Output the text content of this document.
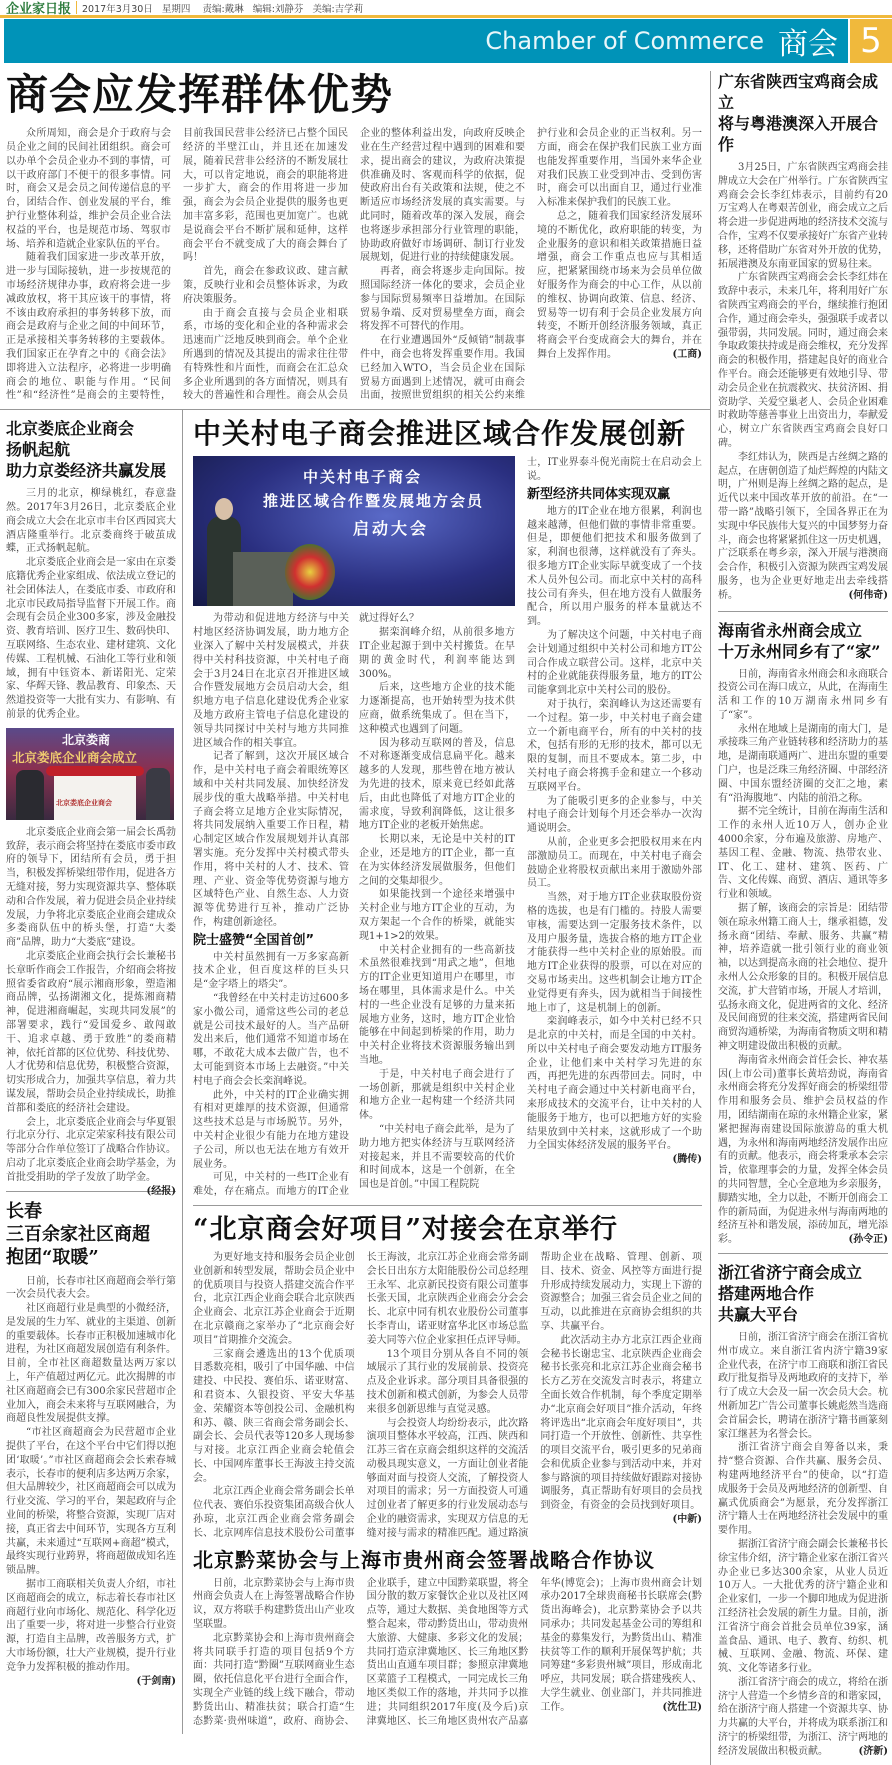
企业家日报 2017年3月30日   星期四    责编:戴琳   编辑:刘静芬   美编:吉学莉
Chamber of Commerce 商会 5
商会应发挥群体优势

众所周知，商会是介于政府与会员企业之间的民间社团组织。商会可以办单个会员企业办不到的事情，可以干政府部门不便干的很多事情。同时，商会又是会员之间传递信息的平台，团结合作、创业发展的平台，维护行业整体利益，维护会员企业合法权益的平台，也是规范市场、驾驭市场、培养和造就企业家队伍的平台。

随着我们国家进一步改革开放，进一步与国际接轨，进一步按规范的市场经济规律办事，政府将会进一步减政放权，将干其应该干的事情，将不该由政府承担的事务转移下放，而商会是政府与企业之间的中间环节，正是承接相关事务转移的主要载体。我们国家正在孕育之中的《商会法》即将进入立法程序，必将进一步明确商会的地位、职能与作用。“民间性”和“经济性”是商会的主要特性，目前我国民营非公经济已占整个国民经济的半壁江山，并且还在加速发展，随着民营非公经济的不断发展壮大，可以肯定地说，商会的职能将进一步扩大，商会的作用将进一步加强，商会为会员企业提供的服务也更加丰富多彩，范围也更加宽广。也就是说商会平台不断扩展和延伸，这样商会平台不就变成了大的商会舞台了吗！

首先，商会在参政议政、建言献策，反映行业和会员整体诉求，为政府决策服务。

由于商会直接与会员企业相联系，市场的变化和企业的各种需求会迅速而广泛地反映到商会。单个企业所遇到的情况及其提出的需求往往带有特殊性和片面性，而商会在汇总众多企业所遇到的各方面情况，则具有较大的普遍性和合理性。商会从会员企业的整体利益出发，向政府反映企业在生产经营过程中遇到的困难和要求，提出商会的建议，为政府决策提供准确及时、客观而科学的依据，促使政府出台有关政策和法规，使之不断适应市场经济发展的真实需要。与此同时，随着改革的深入发展，商会也将逐步承担部分行业管理的职能，协助政府做好市场调研、制订行业发展规划，促进行业的持续健康发展。

再者，商会将逐步走向国际。按照国际经济一体化的要求，会员企业参与国际贸易频率日益增加。在国际贸易争端、反对贸易壁垒方面，商会将发挥不可替代的作用。

在行业遭遇国外“反倾销”制裁事件中，商会也将发挥重要作用。我国已经加入WTO，当会员企业在国际贸易方面遇到上述情况，就可由商会出面，按照世贸组织的相关公约来维护行业和会员企业的正当权利。另一方面，商会在保护我们民族工业方面也能发挥重要作用，当国外来华企业对我们民族工业受到冲击、受到伤害时，商会可以出面自卫，通过行业准入标准来保护我们的民族工业。

总之，随着我们国家经济发展环境的不断优化，政府职能的转变，为企业服务的意识和相关政策措施日益增强，商会工作重点也应与其相适应，把紧紧围绕市场来为会员单位做好服务作为商会的中心工作，从以前的维权、协调向政策、信息、经济、贸易等一切有利于会员企业发展方向转变，不断开创经济服务领域，真正将商会平台变成商会大的舞台，并在舞台上发挥作用。	(工商)

北京娄底企业商会
扬帆起航
助力京娄经济共赢发展

三月的北京，柳绿桃红，春意盎然。2017年3月26日，北京娄底企业商会成立大会在北京市丰台区西园宾大酒店隆重举行。北京娄商终于破茧成蝶，正式扬帆起航。

北京娄底企业商会是一家由在京娄底籍优秀企业家组成、依法成立登记的社会团体法人，在娄底市委、市政府和北京市民政局指导监督下开展工作。商会现有会员企业300多家，涉及金融投资、教育培训、医疗卫生、数码快印、互联网络、生态农业、建材建筑、文化传媒、工程机械、石油化工等行业和领域，拥有中钰资本、新诺阳光、定荣家、华辉天锋、教品教育、印象杰、天然道投资等一大批有实力、有影响、有前景的优秀企业。

北京娄商
北京娄底企业商会成立
北京娄底企业商会

北京娄底企业商会第一届会长禹勃致辞，表示商会将坚持在娄底市委市政府的领导下，团结所有会员，勇于担当，积极发挥桥梁纽带作用，促进各方无缝对接，努力实现资源共享、整体联动和合作发展，着力促进会员企业持续发展，力争将北京娄底企业商会建成众多娄商队伍中的桥头堡，打造“大娄商”品牌，助力“大娄底”建设。

北京娄底企业商会执行会长兼秘书长章昕作商会工作报告，介绍商会将按照省委省政府“展示湘商形象，塑造湘商品牌，弘扬湖湘文化，提炼湘商精神，促进湘商崛起，实现共同发展”的部署要求，践行“爱国爱乡、敢闯敢干、追求卓越、勇于致胜”的娄商精神，依托首都的区位优势、科技优势、人才优势和信息优势，积极整合资源，切实形成合力，加强共享信息，着力共谋发展，帮助会员企业持续成长，助推首都和娄底的经济社会建设。

会上，北京娄底企业商会与华夏银行北京分行、北京定荣家科技有限公司等部分合作单位签订了战略合作协议。启动了北京娄底企业商会助学基金，为首批受捐助的学子发放了助学金。
(经报)

长春
三百余家社区商超
抱团“取暖”

日前，长春市社区商超商会举行第一次会员代表大会。

社区商超行业是典型的小微经济，是发展的生力军、就业的主渠道、创新的重要载体。长春市正积极加速城市化进程，为社区商超发展创造有利条件。目前，全市社区商超数量达两万家以上，年产值超过两亿元。此次揭牌的市社区商超商会已有300余家民营超市企业加入，商会未来将与互联网融合，为商超良性发展提供支撑。

“市社区商超商会为民营超市企业提供了平台，在这个平台中它们得以抱团‘取暖’。”市社区商超商会会长索春城表示，长春市的便利店多达两万余家，但大品牌较少，社区商超商会可以成为行业交流、学习的平台，架起政府与企业间的桥梁，将整合资源，实现厂店对接，真正省去中间环节，实现各方互利共赢，未来通过“互联网+商超”模式，最终实现行业跨界，将商超做成知名连锁品牌。

据市工商联相关负责人介绍，市社区商超商会的成立，标志着长春市社区商超行业向市场化、规范化、科学化迈出了重要一步，将对进一步整合行业资源，打造自主品牌，改善服务方式，扩大市场份额，壮大产业规模，提升行业竞争力发挥积极的推动作用。
(于剑南)

中关村电子商会推进区域合作发展创新
中关村电子商会
推进区域合作暨发展地方会员
启动大会

为带动和促进地方经济与中关村地区经济协调发展，助力地方企业深入了解中关村发展模式，并获得中关村科技资源，中关村电子商会于3月24日在北京召开推进区域合作暨发展地方会员启动大会，组织地方电子信息化建设优秀企业家及地方政府主管电子信息化建设的领导共同探讨中关村与地方共同推进区域合作的相关事宜。

记者了解到，这次开展区域合作，是中关村电子商会着眼统筹区域和中关村共同发展、加快经济发展步伐的重大战略举措。中关村电子商会将立足地方企业实际情况，将共同发展纳入重要工作日程，精心制定区域合作发展规划并认真部署实施。充分发挥中关村模式带头作用，将中关村的人才、技术、管理、产业、资金等优势资源与地方区域特色产业、自然生态、人力资源等优势进行互补，推动广泛协作，构建创新途径。

院士盛赞“全国首创”

中关村虽然拥有一万多家高新技术企业，但百度这样的巨头只是“金字塔上的塔尖”。

“我曾经在中关村走访过600多家小微公司，通常这些公司的老总就是公司技术最好的人。当产品研发出来后，他们通常不知道市场在哪，不敢花大成本去做广告，也不太可能到资本市场上去融资。”中关村电子商会会长栾润峰说。

此外，中关村的IT企业确实拥有相对更雄厚的技术资源，但通常这些技术总是与市场脱节。另外，中关村企业很少有能力在地方建设子公司，所以也无法在地方有效开展业务。

可见，中关村的一些IT企业有难处，存在痛点。而地方的IT企业就过得好么？

据栾润峰介绍，从前很多地方IT企业起源于到中关村搬货。在早期的黄金时代，利润率能达到300%。

后来，这些地方企业的技术能力逐渐提高，也开始转型为技术供应商，做系统集成了。但在当下，这种模式也遇到了问题。

因为移动互联网的普及，信息不对称逐渐变成信息扁平化。越来越多的人发现，那些曾在地方被认为先进的技术，原来竟已经如此落后，由此也降低了对地方IT企业的需求度，导致利润降低，这让很多地方IT企业的老板开始焦虑。

长期以来，无论是中关村的IT企业，还是地方的IT企业，都一直在为实体经济发展做服务，但他们之间的交集却很少。

如果能找到一个途径来增强中关村企业与地方IT企业的互动，为双方架起一个合作的桥梁，就能实现1+1>2的效果。

中关村企业拥有的一些高新技术虽然很难找到“用武之地”，但地方的IT企业更知道用户在哪里，市场在哪里，具体需求是什么。中关村的一些企业没有足够的力量来拓展地方业务，这时，地方IT企业恰能够在中间起到桥梁的作用，助力中关村企业将技术资源服务输出到当地。

于是，中关村电子商会进行了一场创新，那就是组织中关村企业和地方企业一起构建一个经济共同体。

“中关村电子商会此举，是为了助力地方把实体经济与互联网经济对接起来，并且不需要较高的代价和时间成本，这是一个创新，在全国也是首创。”中国工程院院

士，IT业界泰斗倪光南院士在启动会上说。

新型经济共同体实现双赢

地方的IT企业在地方很累，利润也越来越薄，但他们做的事情非常重要。但是，即便他们把技术和服务做到了家，利润也很薄，这样就没有了奔头。很多地方IT企业实际早就变成了一个技术人员外包公司。而北京中关村的高科技公司有奔头，但在地方没有人做服务配合，所以用户服务的样本量就达不到。

为了解决这个问题，中关村电子商会计划通过组织中关村公司和地方IT公司合作成立联营公司。这样，北京中关村的企业就能获得服务量，地方的IT公司能拿到北京中关村公司的股份。

对于执行，栾润峰认为这还需要有一个过程。第一步，中关村电子商会建立一个新电商平台，所有的中关村的技术，包括有形的无形的技术，都可以无限的复制，而且不要成本。第二步，中关村电子商会将携手金和建立一个移动互联网平台。

为了能吸引更多的企业参与，中关村电子商会计划每个月还会举办一次沟通说明会。

从前，企业更多会把股权用来在内部激励员工。而现在，中关村电子商会鼓励企业将股权贡献出来用于激励外部员工。

当然，对于地方IT企业获取股份资格的选拔，也是有门槛的。持股人需要审核，需要达到一定服务技术条件，以及用户服务量，选拔合格的地方IT企业才能获得一些中关村企业的原始股。而地方IT企业获得的股票，可以在对应的交易市场卖出。这些机制会让地方IT企业觉得更有奔头，因为就相当于间接性地上市了，这是机制上的创新。

栾润峰表示，如今中关村已经不只是北京的中关村，而是全国的中关村。所以中关村电子商会要发动地方IT服务企业，让他们来中关村学习先进的东西，再把先进的东西带回去。同时，中关村电子商会通过中关村新电商平台，来形成技术的交流平台，让中关村的人能服务于地方，也可以把地方好的实验结果放到中关村来，这就形成了一个助力全国实体经济发展的服务平台。
(腾传)

“北京商会好项目”对接会在京举行

为更好地支持和服务会员企业创业创新和转型发展，帮助会员企业中的优质项目与投资人搭建交流合作平台，北京江西企业商会联合北京陕西企业商会、北京江苏企业商会于近期在北京赣商之家举办了“北京商会好项目”首期推介交流会。

三家商会遴选出的13个优质项目悉数亮相，吸引了中国华融、中信建投、中民投、赛伯乐、诺亚财富、和君资本、久银投资、平安大华基金、荣耀资本等创投公司、金融机构和苏、赣、陕三省商会常务副会长、副会长、会员代表等120多人现场参与对接。北京江西企业商会轮值会长、中国网库董事长王海波主持交流会。

北京江西企业商会常务副会长单位代表、赛伯乐投资集团高级合伙人孙琼，北京江西企业商会常务副会长、北京网库信息技术股份公司董事长王海波，北京江苏企业商会常务副会长日出东方太阳能股份公司总经理王永军、北京新民投资有限公司董事长张天国，北京陕西企业商会分会会长、北京中同有机农业股份公司董事长李青山，诺亚财富华北区市场总监姜大同等六位企业家担任点评导师。

13个项目分别从各自不同的领域展示了其行业的发展前景、投资亮点及企业诉求。部分项目具备很强的技术创新和模式创新，为参会人员带来很多创新思维与直觉灵感。

与会投资人均纷纷表示，此次路演项目整体水平较高，江西、陕西和江苏三省在京商会组织这样的交流活动极具现实意义，一方面让创业者能够面对面与投资人交流，了解投资人对项目的需求；另一方面投资人可通过创业者了解更多的行业发展动态与企业的融资需求，实现双方信息的无缝对接与需求的精准匹配。通过路演帮助企业在战略、管理、创新、项目、技术、资金、风控等方面进行提升形成持续发展动力，实现上下游的资源整合；加强三省会员企业之间的互动，以此推进在京商协会组织的共享、共赢平台。

此次活动主办方北京江西企业商会秘书长谢忠宝、北京陕西企业商会秘书长张亮和北京江苏企业商会秘书长方乙芳在交流发言时表示，将建立全面长效合作机制，每个季度定期举办“北京商会好项目”推介活动，年终将评选出“北京商会年度好项目”，共同打造一个开放性、创新性、共享性的项目交流平台，吸引更多的兄弟商会和优质企业参与到活动中来，并对参与路演的项目持续做好跟踪对接协调服务，真正帮助有好项目的会员找到资金，有资金的会员找到好项目。
(中新)

北京黔菜协会与上海市贵州商会签署战略合作协议

日前，北京黔菜协会与上海市贵州商会负责人在上海签署战略合作协议，双方将联手构建黔货出山产业攻坚联盟。

北京黔菜协会和上海市贵州商会将共同联手打造的项目包括9个方面：共同打造“黔圈”互联网商业生态圈，依托信息化平台进行全面合作，实现全产业链的线上线下融合，带动黔货出山、精准扶贫；联合打造“生态黔菜·贵州味道”，政府、商协会、企业联手，建立中国黔菜联盟，将全国分散的数万家餐饮企业以及社区网点等，通过大数据、美食地图等方式整合起来，带动黔货出山，带动贵州大旅游、大健康、多彩文化的发展；共同打造京津冀地区、长三角地区黔货出山直通车项目群；参照京津冀地区菜篮子工程模式，一同完成长三角地区类似工作的落地，并共同予以推进；共同组织2017年度(及今后)京津冀地区、长三角地区贵州农产品嘉年华(博览会)；上海市贵州商会计划承办2017全球贵商秘书长联席会(黔货出海峰会)，北京黔菜协会予以共同承办；共同发起基金公司的筹组和基金的募集发行，为黔货出山、精准扶贫等工作的顺利开展保驾护航；共同筹建“多彩贵州城”项目，形成南北呼应，共同发展；联合搭建残疾人、大学生就业、创业部门，并共同推进工作。	(沈仕卫)

广东省陕西宝鸡商会成立
将与粤港澳深入开展合作

3月25日，广东省陕西宝鸡商会挂牌成立大会在广州举行。广东省陕西宝鸡商会会长李红炜表示，目前约有20万宝鸡人在粤艰苦创业，商会成立之后将会进一步促进两地的经济技术交流与合作，宝鸡不仅要承接好广东省产业转移，还将借助广东省对外开放的优势，拓展港澳及东南亚国家的贸易往来。

广东省陕西宝鸡商会会长李红炜在致辞中表示，未来几年，将利用好广东省陕西宝鸡商会的平台，继续推行抱团合作，通过商会牵头，强强联手或者以强带弱，共同发展。同时，通过商会来争取政策扶持或是商会维权，充分发挥商会的积极作用，搭建起良好的商业合作平台。商会还能够更有效地引导、带动会员企业在抗震救灾、扶贫济困、捐资助学、关爱空巢老人、会员企业困难时救助等慈善事业上出资出力，奉献爱心，树立广东省陕西宝鸡商会良好口碑。

李红炜认为，陕西是古丝绸之路的起点，在唐朝创造了灿烂辉煌的内陆文明，广州则是海上丝绸之路的起点，是近代以来中国改革开放的前沿。在“一带一路”战略引领下，全国各界正在为实现中华民族伟大复兴的中国梦努力奋斗，商会也将紧紧抓住这一历史机遇，广泛联系在粤乡亲，深入开展与港澳商会合作，积极引入资源为陕西宝鸡发展服务，也为企业更好地走出去牵线搭桥。	(何伟奇)

海南省永州商会成立
十万永州同乡有了“家”

日前，海南省永州商会和永商联合投资公司在海口成立，从此，在海南生活和工作的10万湖南永州同乡有了“家”。

永州在地域上是湖南的南大门，是承接珠三角产业链转移和经济助力的基地，是湖南联通两广、进出东盟的重要门户，也是泛珠三角经济圈、中部经济圈、中国东盟经济圈的交汇之地，素有“沿海腹地”、内陆的前沿之称。

据不完全统计，目前在海南生活和工作的永州人近10万人，创办企业4000余家，分布遍及旅游、房地产、基因工程、金融、物流、热带农业、IT、化工、建材、建筑、医药、广告、文化传媒、商贸、酒店、通讯等多行业和领域。

据了解，该商会的宗旨是：团结带领在琼永州籍工商人士，继承祖德，发扬永商“团结、奉献、服务、共赢”精神，培养造就一批引领行业的商业领袖，以达到提高永商的社会地位、提升永州人公众形象的目的。积极开展信息交流，扩大营销市场，开展人才培训，弘扬永商文化，促进两省的文化、经济及民间商贸的往来交流，搭建两省民间商贸沟通桥梁，为海南省物质文明和精神文明建设做出积极的贡献。

海南省永州商会首任会长、神农基因(上市公司)董事长黄培劲说，海南省永州商会将充分发挥好商会的桥梁纽带作用和服务会员、维护会员权益的作用，团结湖南在琼的永州籍企业家，紧紧把握海南建设国际旅游岛的重大机遇，为永州和海南两地经济发展作出应有的贡献。他表示，商会将秉承本会宗旨，依靠理事会的力量，发挥全体会员的共同智慧，全心全意地为乡亲服务，脚踏实地，全力以赴，不断开创商会工作的新局面，为促进永州与海南两地的经济互补和谐发展，添砖加瓦，增光添彩。	(孙令正)

浙江省济宁商会成立
搭建两地合作
共赢大平台

日前，浙江省济宁商会在浙江省杭州市成立。来自浙江省内济宁籍39家企业代表，在济宁市工商联和浙江省民政厅批复指导及两地政府的支持下，举行了成立大会及一届一次会员大会。杭州新加艺广告公司董事长姚彪然当选商会首届会长，聘请在浙济宁籍书画篆刻家江继甚为名誉会长。

浙江省济宁商会自筹备以来，秉持“整合资源、合作共赢、服务会员、构建两地经济平台”的使命，以“打造成服务于会员及两地经济的创新型、自赢式优质商会”为愿景，充分发挥浙江济宁籍人士在两地经济社会发展中的重要作用。

据浙江省济宁商会副会长兼秘书长徐宝伟介绍，济宁籍企业家在浙江省兴办企业已多达300余家，从业人员近10万人。一大批优秀的济宁籍企业和企业家们，一步一个脚印地成为促进浙江经济社会发展的新生力量。目前，浙江省济宁商会首批会员单位39家，涵盖食品、通讯、电子、教育、纺织、机械、互联网、金融、物流、环保、建筑、文化等诸多行业。

浙江省济宁商会的成立，将给在浙济宁人营造一个乡情乡音的和谐家园，给在浙济宁商人搭建一个资源共享、协力共赢的大平台，并将成为联系浙江和济宁的桥梁纽带，为浙江、济宁两地的经济发展做出积极贡献。	(济新)
